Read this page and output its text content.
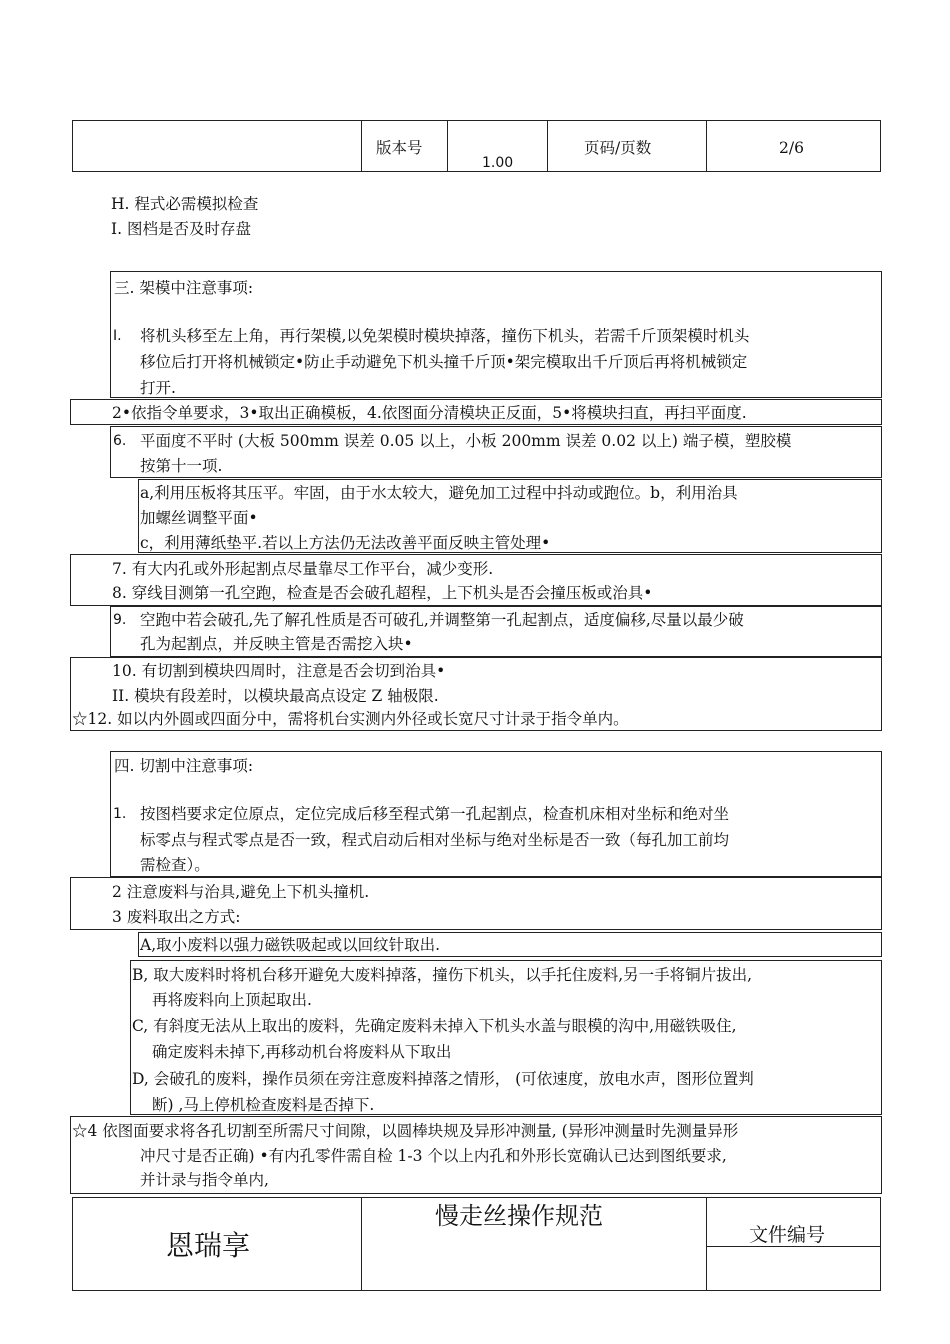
版本号
1.00
页码/页数	2/6
H. 程式必需模拟检查
I. 图档是否及时存盘
三. 架模中注意事项:
I. 将机头移至左上角，再行架模,以免架模时模块掉落，撞伤下机头，若需千斤顶架模时机头
移位后打开将机械锁定•防止手动避免下机头撞千斤顶•架完模取出千斤顶后再将机械锁定
打开.
2•依指令单要求，3•取出正确模板，4.依图面分清模块正反面，5•将模块扫直，再扫平面度.
6. 平面度不平时 (大板 500mm 误差 0.05 以上，小板 200mm 误差 0.02 以上) 端子模，塑胶模
按第十一项.
a,利用压板将其压平。牢固，由于水太较大，避免加工过程中抖动或跑位。b，利用治具
加螺丝调整平面•
c，利用薄纸垫平.若以上方法仍无法改善平面反映主管处理•
7. 有大内孔或外形起割点尽量靠尽工作平台，减少变形.
8. 穿线目测第一孔空跑，检查是否会破孔超程，上下机头是否会撞压板或治具•
9. 空跑中若会破孔,先了解孔性质是否可破孔,并调整第一孔起割点，适度偏移,尽量以最少破
孔为起割点，并反映主管是否需挖入块•
10. 有切割到模块四周时，注意是否会切到治具•
II. 模块有段差时，以模块最高点设定 Z 轴极限.
☆12. 如以内外圆或四面分中，需将机台实测内外径或长宽尺寸计录于指令单内。
四. 切割中注意事项:
1. 按图档要求定位原点，定位完成后移至程式第一孔起割点，检查机床相对坐标和绝对坐
标零点与程式零点是否一致，程式启动后相对坐标与绝对坐标是否一致（每孔加工前均
需检查）。
2 注意废料与治具,避免上下机头撞机.
3 废料取出之方式:
A,取小废料以强力磁铁吸起或以回纹针取出.
B, 取大废料时将机台移开避免大废料掉落，撞伤下机头，以手托住废料,另一手将铜片拔出,
再将废料向上顶起取出.
C, 有斜度无法从上取出的废料，先确定废料未掉入下机头水盖与眼模的沟中,用磁铁吸住,
确定废料未掉下,再移动机台将废料从下取出
D, 会破孔的废料，操作员须在旁注意废料掉落之情形， (可依速度，放电水声，图形位置判
断) ,马上停机检查废料是否掉下.
☆4 依图面要求将各孔切割至所需尺寸间隙，以圆棒块规及异形冲测量, (异形冲测量时先测量异形
冲尺寸是否正确) •有内孔零件需自检 1-3 个以上内孔和外形长宽确认已达到图纸要求,
并计录与指令单内,
恩瑞享
慢走丝操作规范
文件编号
